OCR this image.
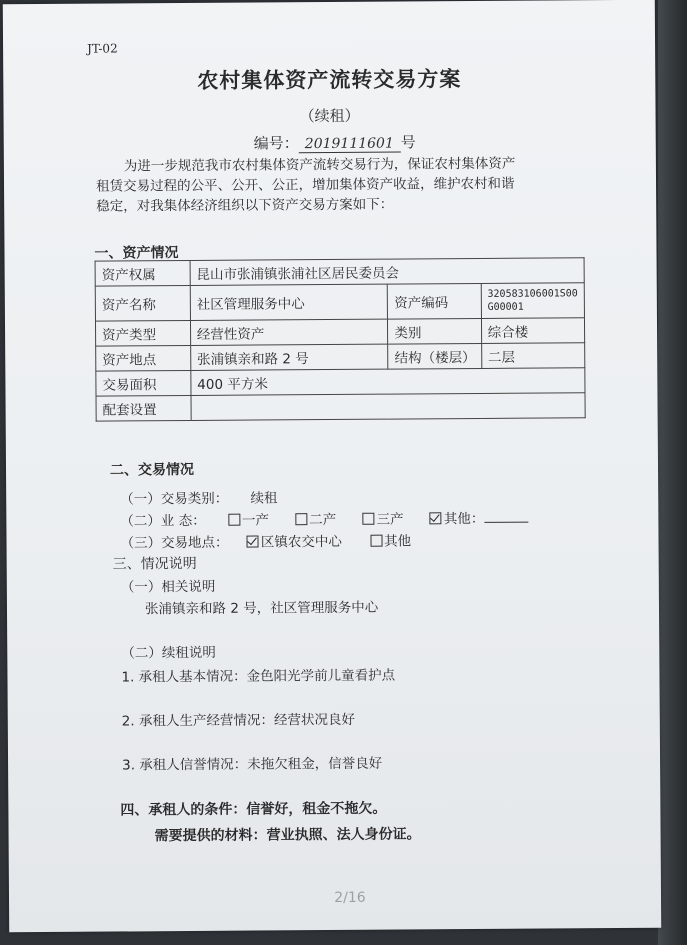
JT-02
农村集体资产流转交易方案
（续租）
编号： 2019111601 号

为进一步规范我市农村集体资产流转交易行为，保证农村集体资产

租赁交易过程的公平、公开、公正，增加集体资产收益，维护农村和谐

稳定，对我集体经济组织以下资产交易方案如下：

一、资产情况
资产权属	昆山市张浦镇张浦社区居民委员会		
资产名称	社区管理服务中心	资产编码	320583106001S00
G00001

资产类型	经营性资产	类别	综合楼
资产地点	张浦镇亲和路 2 号	结构（楼层）	二层
交易面积	400 平方米		
配套设置			
二、交易情况
（一）交易类别： 续租
（二）业 态：	一产	二产	三产	其他：
（三）交易地点： 区镇农交中心	其他
三、情况说明
（一）相关说明
张浦镇亲和路 2 号，社区管理服务中心
（二）续租说明
1. 承租人基本情况：金色阳光学前儿童看护点
2. 承租人生产经营情况：经营状况良好
3. 承租人信誉情况：未拖欠租金，信誉良好
四、承租人的条件：信誉好，租金不拖欠。
需要提供的材料：营业执照、法人身份证。
2/16
